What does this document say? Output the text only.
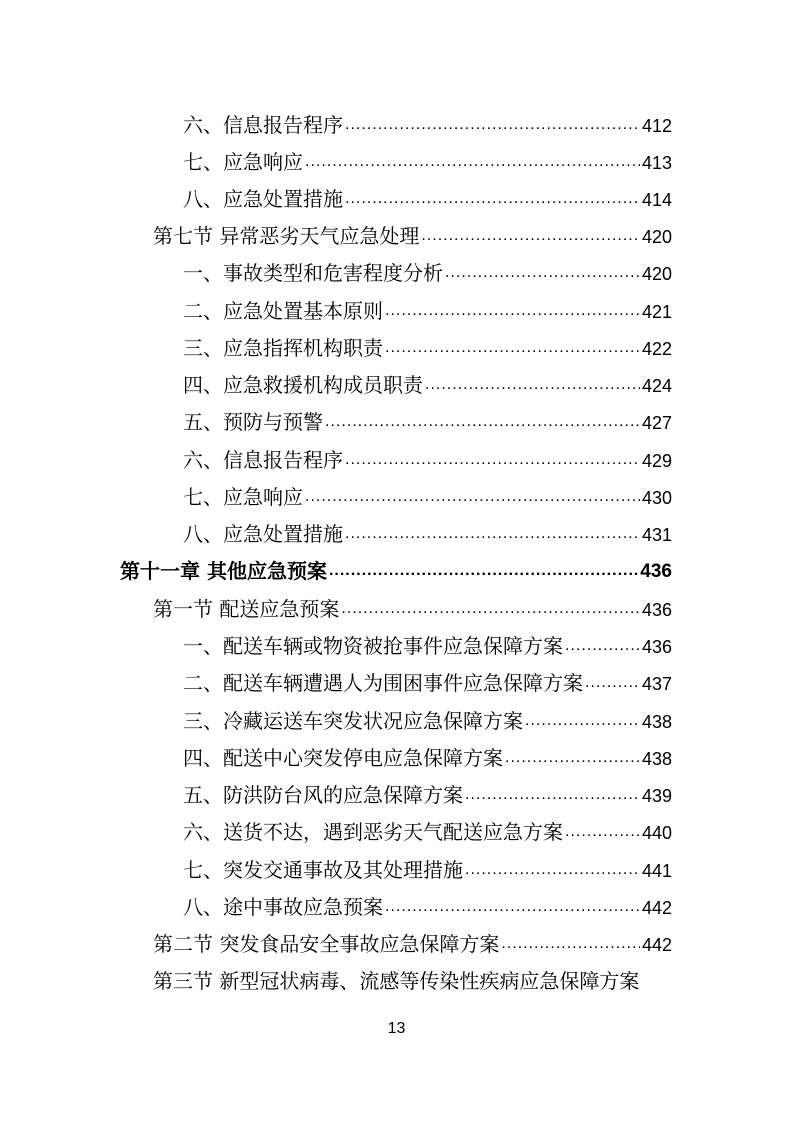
六、信息报告程序 .....	412
七、应急响应 .....	413
八、应急处置措施 .....	414
第七节 异常恶劣天气应急处理 .....	420
一、事故类型和危害程度分析 .....	420
二、应急处置基本原则 .....	421
三、应急指挥机构职责 .....	422
四、应急救援机构成员职责 .....	424
五、预防与预警 .....	427
六、信息报告程序 .....	429
七、应急响应 .....	430
八、应急处置措施 .....	431
第十一章 其他应急预案 .....	436
第一节 配送应急预案 .....	436
一、配送车辆或物资被抢事件应急保障方案 .....	436
二、配送车辆遭遇人为围困事件应急保障方案 .....	437
三、冷藏运送车突发状况应急保障方案 .....	438
四、配送中心突发停电应急保障方案 .....	438
五、防洪防台风的应急保障方案 .....	439
六、送货不达，遇到恶劣天气配送应急方案 .....	440
七、突发交通事故及其处理措施 .....	441
八、途中事故应急预案 .....	442
第二节 突发食品安全事故应急保障方案 .....	442
第三节 新型冠状病毒、流感等传染性疾病应急保障方案
13
